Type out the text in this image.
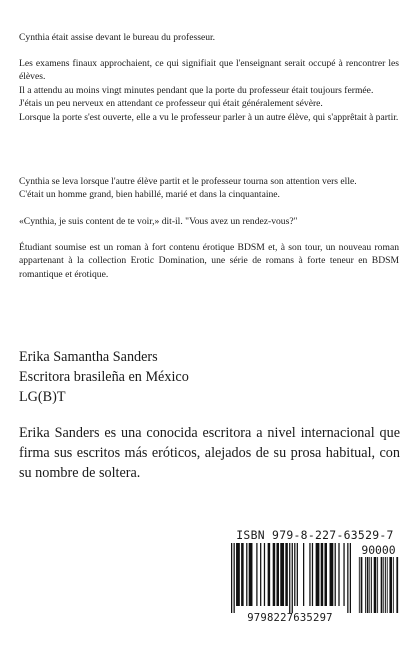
Cynthia était assise devant le bureau du professeur.

Les examens finaux approchaient, ce qui signifiait que l'enseignant serait occupé à rencontrer les élèves.
Il a attendu au moins vingt minutes pendant que la porte du professeur était toujours fermée.
J'étais un peu nerveux en attendant ce professeur qui était généralement sévère.
Lorsque la porte s'est ouverte, elle a vu le professeur parler à un autre élève, qui s'apprêtait à partir.

Cynthia se leva lorsque l'autre élève partit et le professeur tourna son attention vers elle.
C'était un homme grand, bien habillé, marié et dans la cinquantaine.

«Cynthia, je suis content de te voir,» dit-il. "Vous avez un rendez-vous?"

Étudiant soumise est un roman à fort contenu érotique BDSM et, à son tour, un nouveau roman appartenant à la collection Erotic Domination, une série de romans à forte teneur en BDSM romantique et érotique.

Erika Samantha Sanders

Escritora brasileña en México

LG(B)T

Erika Sanders es una conocida escritora a nivel internacional que firma sus escritos más eróticos, alejados de su prosa habitual, con su nombre de soltera.

ISBN 979-8-227-63529-7
90000
9798227635297
